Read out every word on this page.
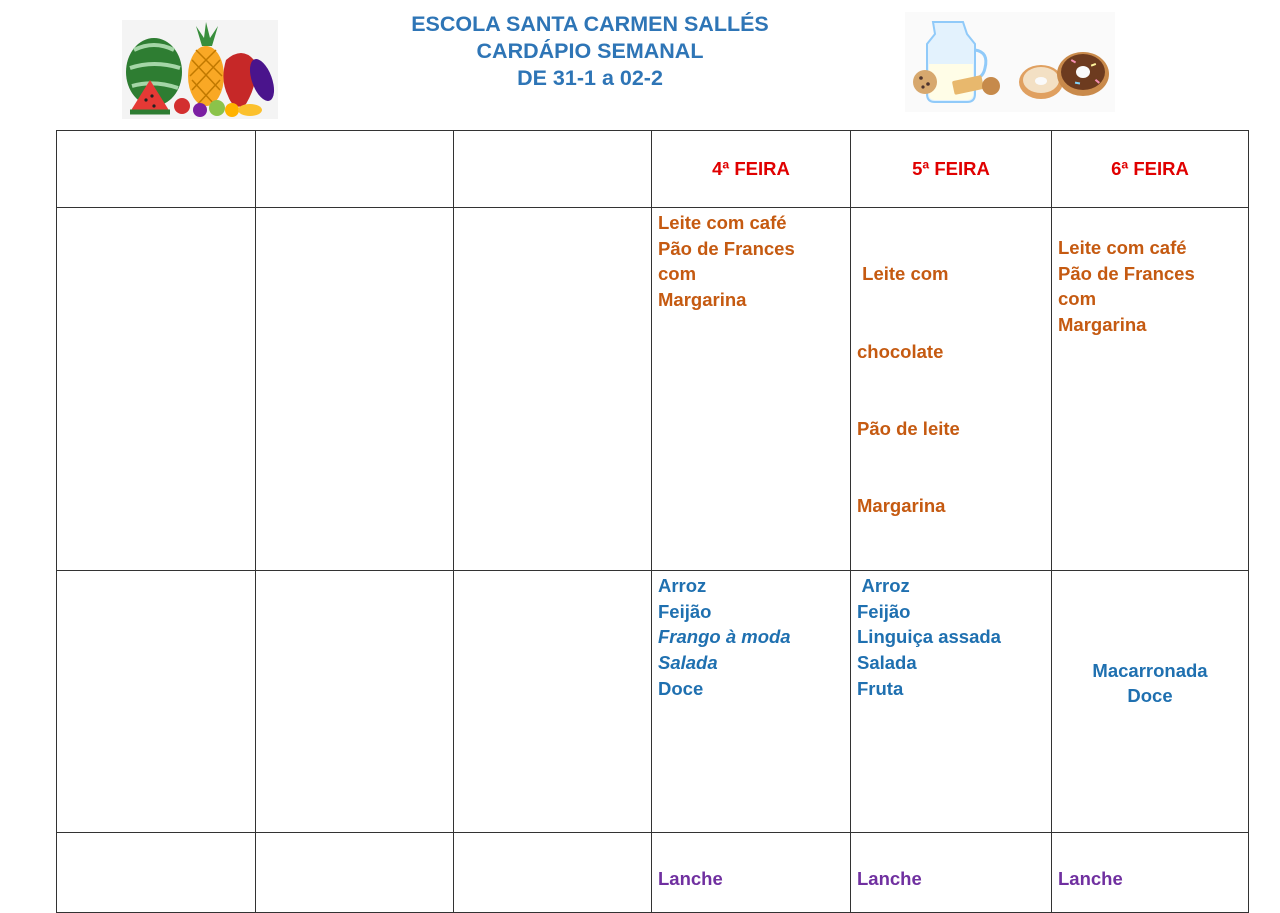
ESCOLA SANTA CARMEN SALLÉS
CARDÁPIO SEMANAL
DE 31-1 a 02-2
			4ª FEIRA	5ª FEIRA	6ª FEIRA

			Leite com café
Pão de Frances
com
Margarina	Leite com

chocolate

Pão de leite

Margarina	Leite com café
Pão de Frances
com
Margarina

			Arroz
Feijão
Frango à moda
Salada
Doce	Arroz
Feijão
Linguiça assada
Salada
Fruta	Macarronada
Doce

			Lanche	Lanche	Lanche
